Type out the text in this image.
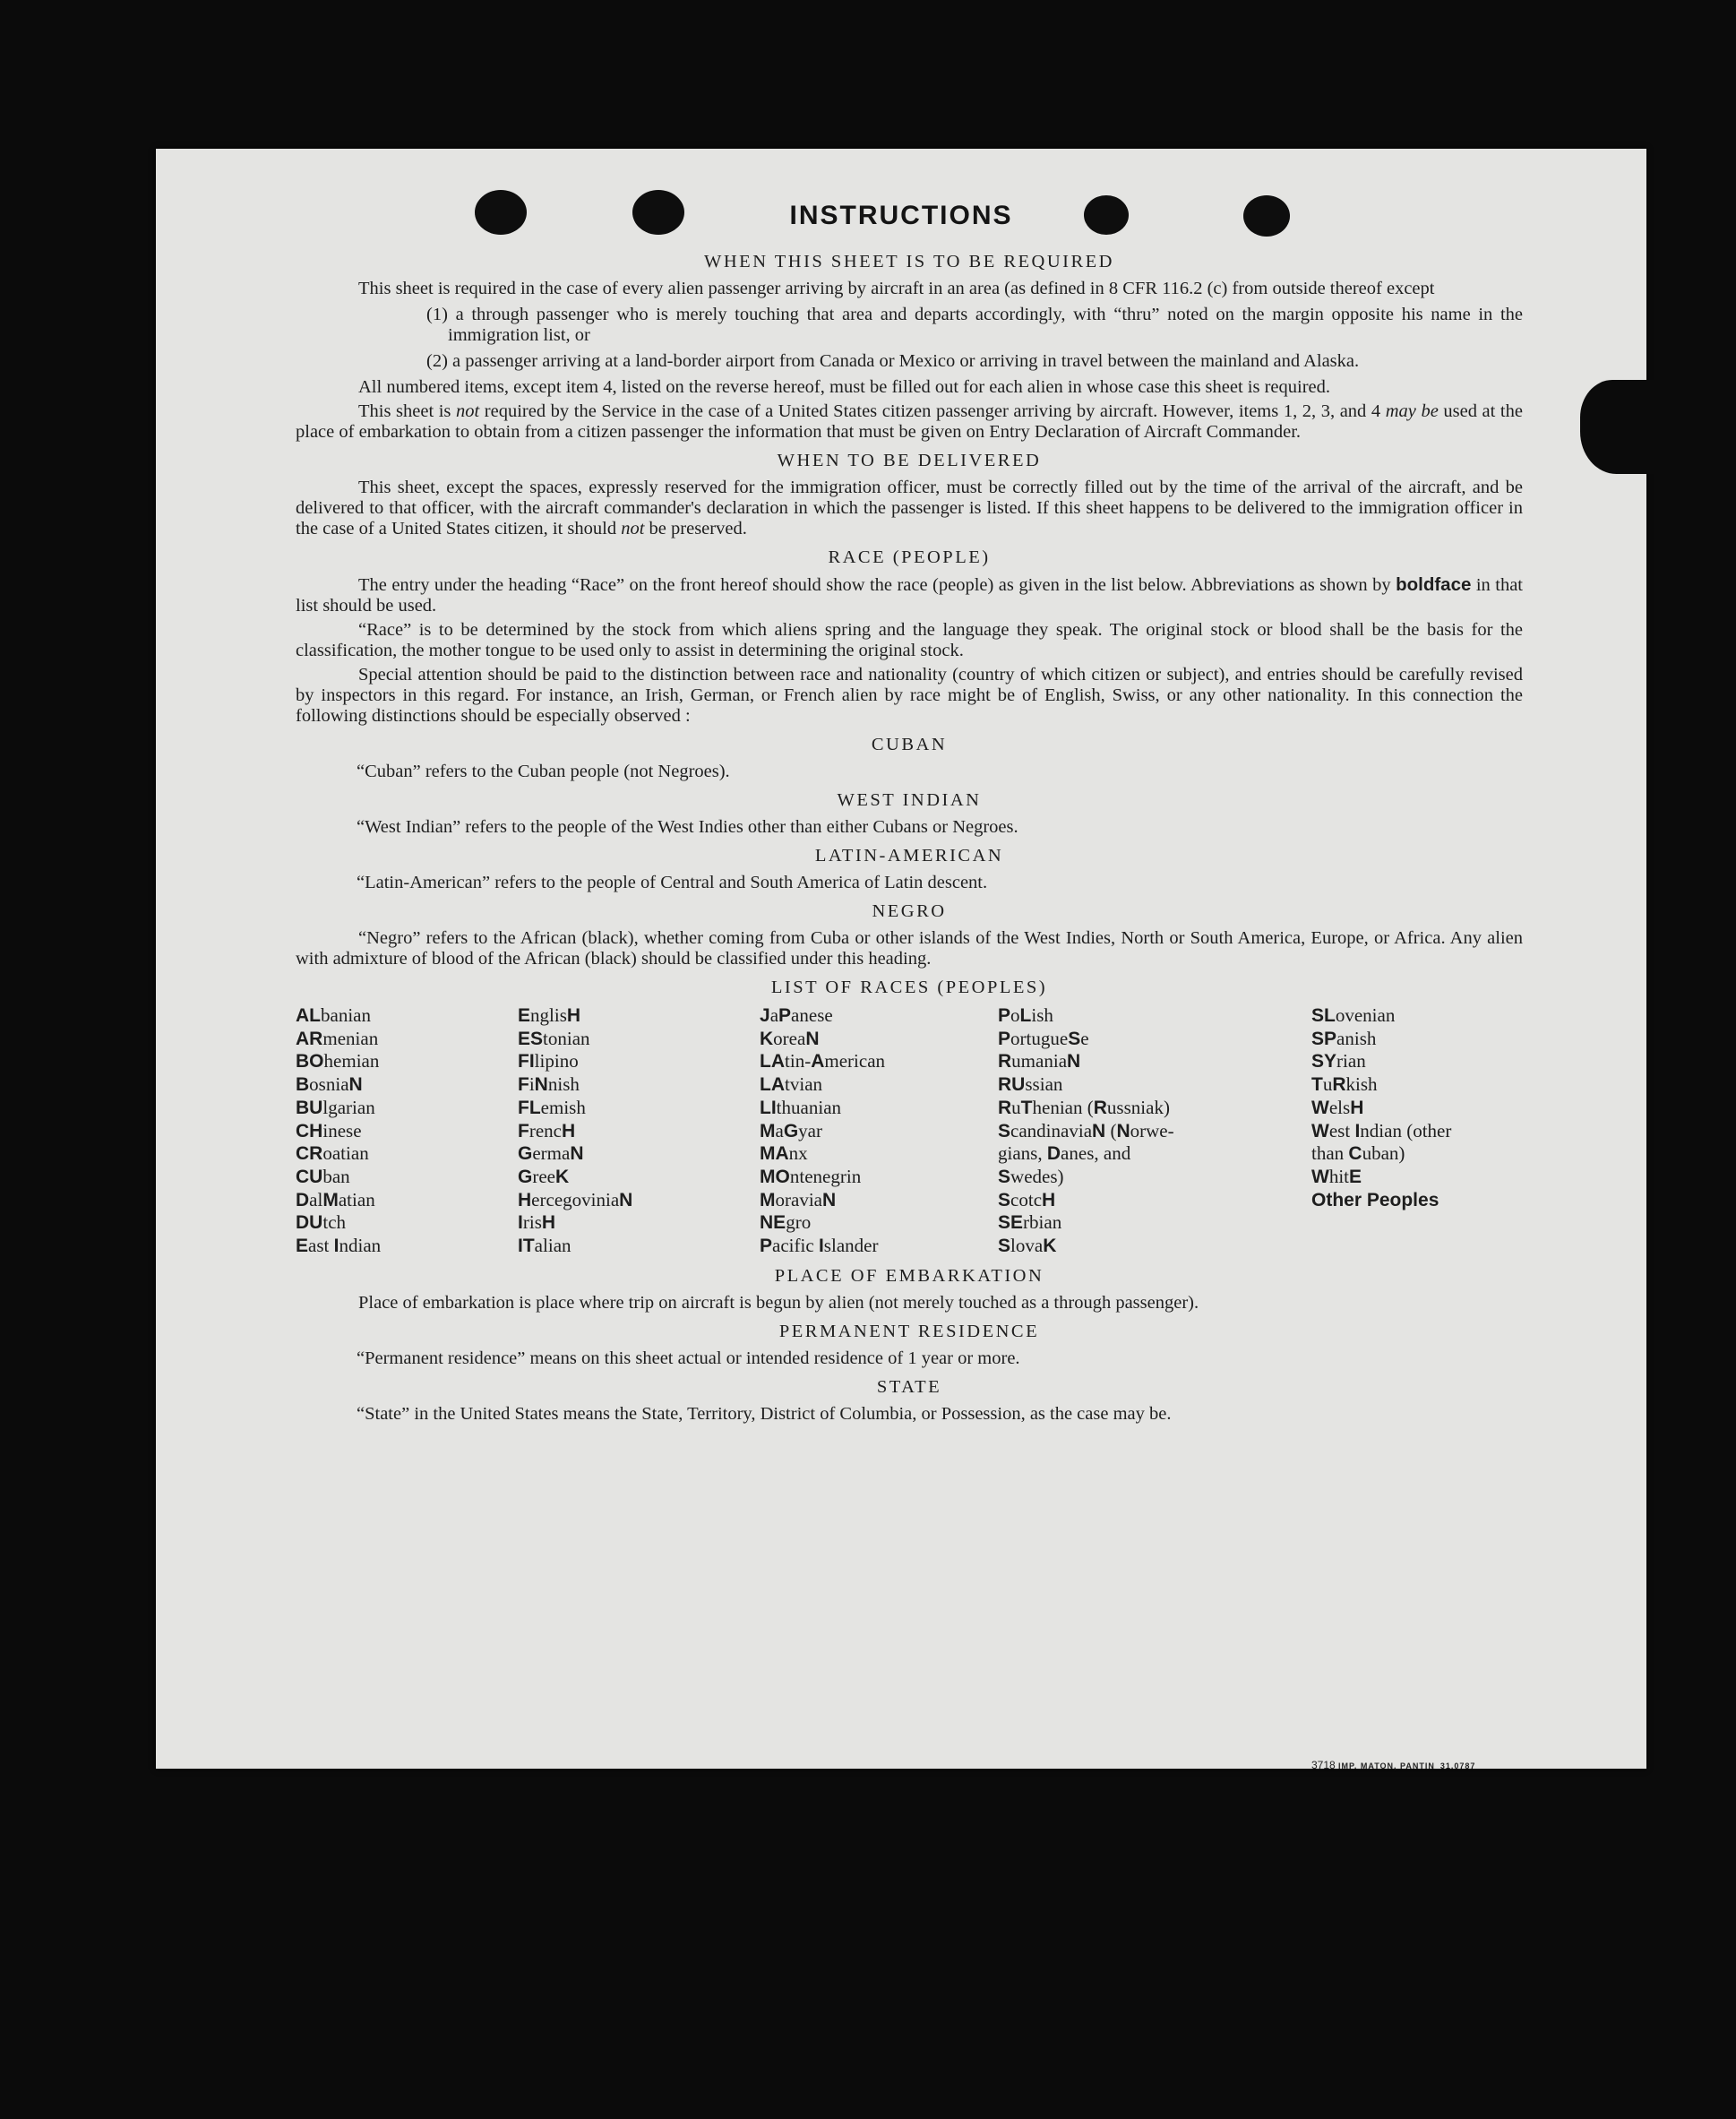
INSTRUCTIONS
WHEN THIS SHEET IS TO BE REQUIRED
This sheet is required in the case of every alien passenger arriving by aircraft in an area (as defined in 8 CFR 116.2 (c) from outside thereof except
(1) a through passenger who is merely touching that area and departs accordingly, with “thru” noted on the margin opposite his name in the immigration list, or
(2) a passenger arriving at a land-border airport from Canada or Mexico or arriving in travel between the mainland and Alaska.
All numbered items, except item 4, listed on the reverse hereof, must be filled out for each alien in whose case this sheet is required.
This sheet is not required by the Service in the case of a United States citizen passenger arriving by aircraft. However, items 1, 2, 3, and 4 may be used at the place of embarkation to obtain from a citizen passenger the information that must be given on Entry Declaration of Aircraft Commander.
WHEN TO BE DELIVERED
This sheet, except the spaces, expressly reserved for the immigration officer, must be correctly filled out by the time of the arrival of the aircraft, and be delivered to that officer, with the aircraft commander's declaration in which the passenger is listed. If this sheet happens to be delivered to the immigration officer in the case of a United States citizen, it should not be preserved.
RACE (PEOPLE)
The entry under the heading “Race” on the front hereof should show the race (people) as given in the list below. Abbreviations as shown by boldface in that list should be used.
“Race” is to be determined by the stock from which aliens spring and the language they speak. The original stock or blood shall be the basis for the classification, the mother tongue to be used only to assist in determining the original stock.
Special attention should be paid to the distinction between race and nationality (country of which citizen or subject), and entries should be carefully revised by inspectors in this regard. For instance, an Irish, German, or French alien by race might be of English, Swiss, or any other nationality. In this connection the following distinctions should be especially observed :
CUBAN
“Cuban” refers to the Cuban people (not Negroes).
WEST INDIAN
“West Indian” refers to the people of the West Indies other than either Cubans or Negroes.
LATIN-AMERICAN
“Latin-American” refers to the people of Central and South America of Latin descent.
NEGRO
“Negro” refers to the African (black), whether coming from Cuba or other islands of the West Indies, North or South America, Europe, or Africa. Any alien with admixture of blood of the African (black) should be classified under this heading.
LIST OF RACES (PEOPLES)
ALbanian
ARmenian
BOhemian
BosniaN
BUlgarian
CHinese
CRoatian
CUban
DalMatian
DUtch
East Indian
EnglisH
EStonian
FIlipino
FiNnish
FLemish
FrencH
GermaN
GreeK
HercegoviniaN
IrisH
ITalian
JaPanese
KoreaN
LAtin-American
LAtvian
LIthuanian
MaGyar
MAnx
MOntenegrin
MoraviaN
NEgro
Pacific Islander
PoLish
PortugueSe
RumaniaN
RUssian
RuThenian (Russniak)
ScandinaviaN (Norwe-
gians, Danes, and
Swedes)
ScotcH
SErbian
SlovaK
SLovenian
SPanish
SYrian
TuRkish
WelsH
West Indian (other
than Cuban)
WhitE
Other Peoples
PLACE OF EMBARKATION
Place of embarkation is place where trip on aircraft is begun by alien (not merely touched as a through passenger).
PERMANENT RESIDENCE
“Permanent residence” means on this sheet actual or intended residence of 1 year or more.
STATE
“State” in the United States means the State, Territory, District of Columbia, or Possession, as the case may be.
3718 IMP. MATON, PANTIN_31.0787
